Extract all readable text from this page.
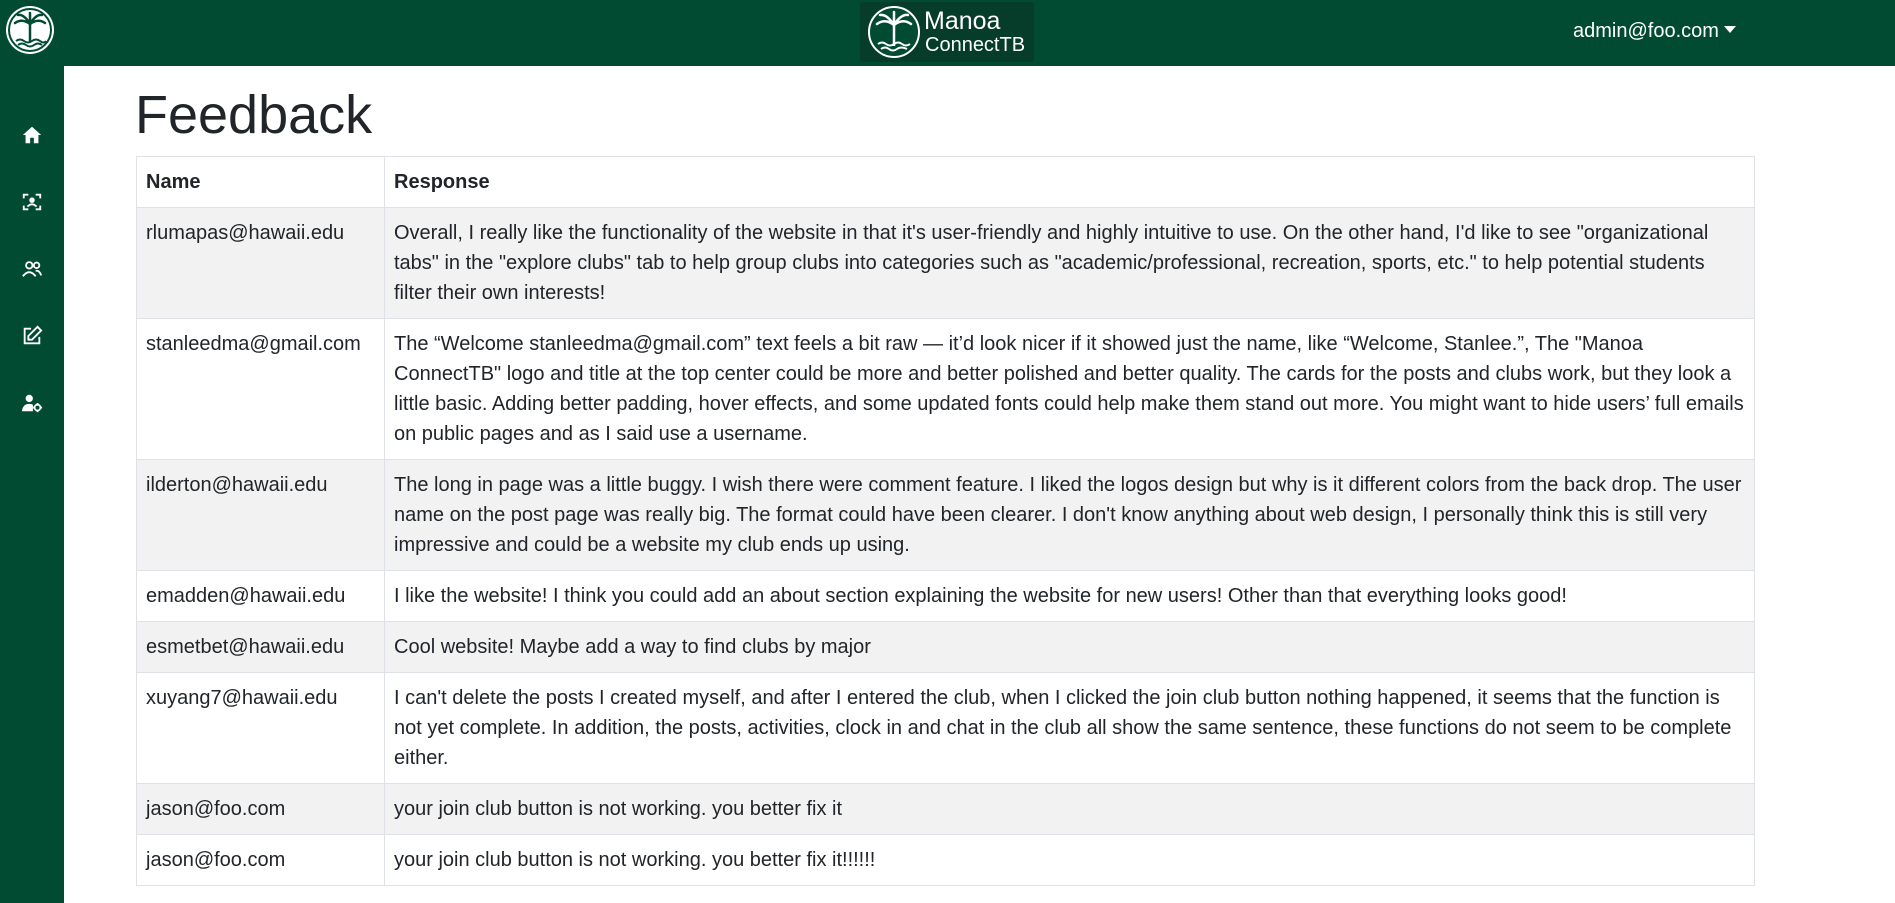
Manoa
ConnectTB
admin@foo.com
Feedback
Name	Response
rlumapas@hawaii.edu	Overall, I really like the functionality of the website in that it's user-friendly and highly intuitive to use. On the other hand, I'd like to see "organizational tabs" in the "explore clubs" tab to help group clubs into categories such as "academic/professional, recreation, sports, etc." to help potential students filter their own interests!
stanleedma@gmail.com	The “Welcome stanleedma@gmail.com” text feels a bit raw — it’d look nicer if it showed just the name, like “Welcome, Stanlee.”, The "Manoa ConnectTB" logo and title at the top center could be more and better polished and better quality. The cards for the posts and clubs work, but they look a little basic. Adding better padding, hover effects, and some updated fonts could help make them stand out more. You might want to hide users’ full emails on public pages and as I said use a username.
ilderton@hawaii.edu	The long in page was a little buggy. I wish there were comment feature. I liked the logos design but why is it different colors from the back drop. The user name on the post page was really big. The format could have been clearer. I don't know anything about web design, I personally think this is still very impressive and could be a website my club ends up using.
emadden@hawaii.edu	I like the website! I think you could add an about section explaining the website for new users! Other than that everything looks good!
esmetbet@hawaii.edu	Cool website! Maybe add a way to find clubs by major
xuyang7@hawaii.edu	I can't delete the posts I created myself, and after I entered the club, when I clicked the join club button nothing happened, it seems that the function is not yet complete. In addition, the posts, activities, clock in and chat in the club all show the same sentence, these functions do not seem to be complete either.
jason@foo.com	your join club button is not working. you better fix it
jason@foo.com	your join club button is not working. you better fix it!!!!!!
